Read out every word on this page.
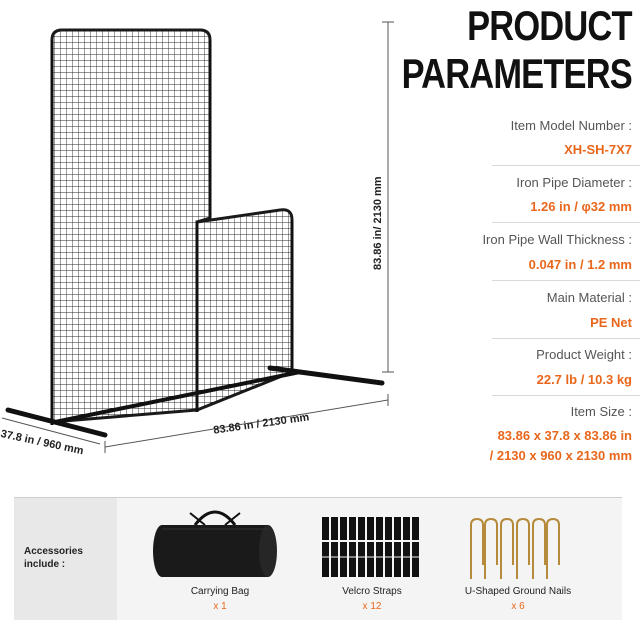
83.86 in/ 2130 mm
83.86 in / 2130 mm
37.8 in / 960 mm
PRODUCT
PARAMETERS
Item Model Number :
XH-SH-7X7
Iron Pipe Diameter :
1.26 in / φ32 mm
Iron Pipe Wall Thickness :
0.047 in / 1.2 mm
Main Material :
PE Net
Product Weight :
22.7 lb / 10.3 kg
Item Size :
83.86 x 37.8 x 83.86 in
/ 2130 x 960 x 2130 mm
Accessories include :
Carrying Bag
x 1
Velcro Straps
x 12
U-Shaped Ground Nails
x 6
